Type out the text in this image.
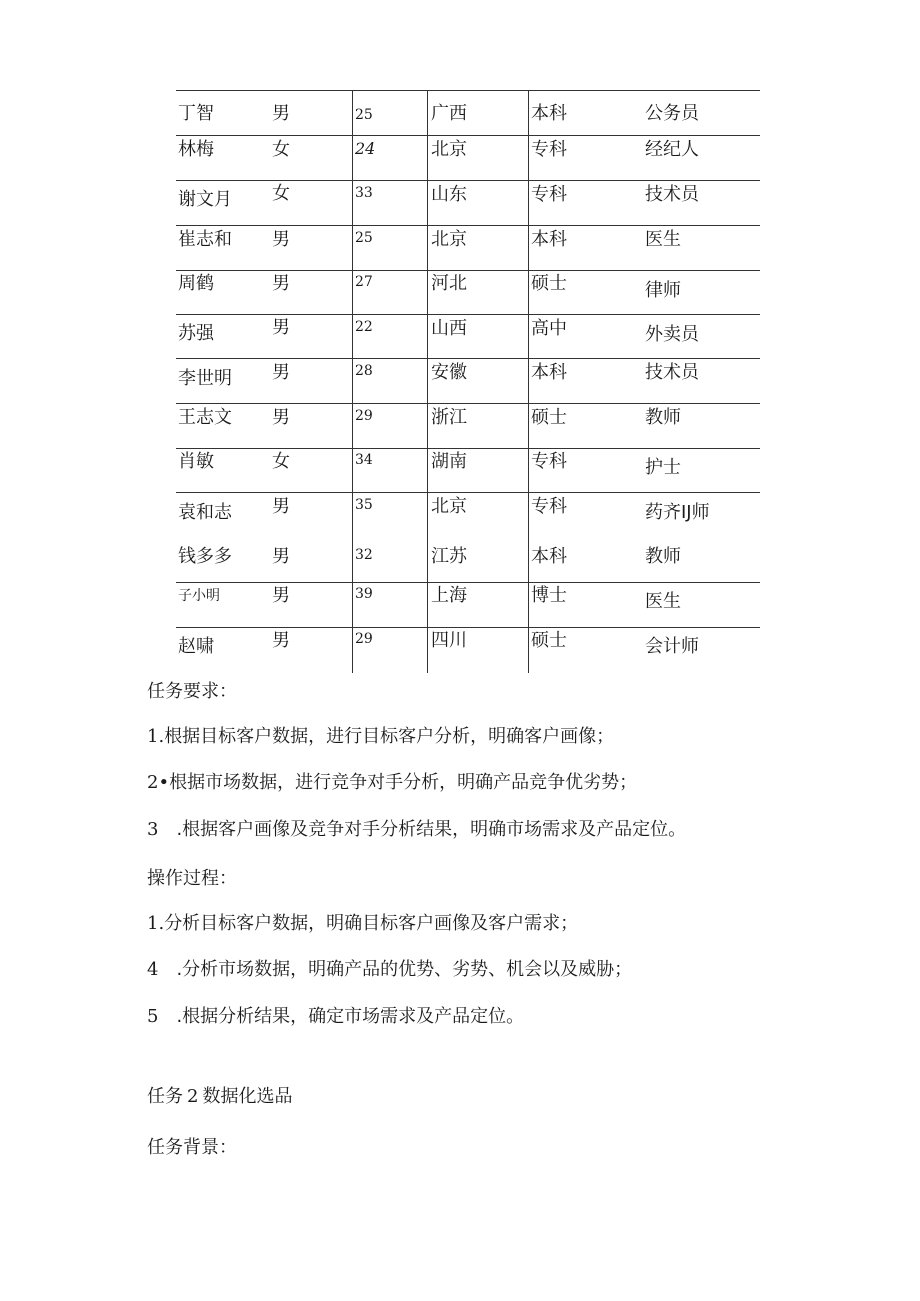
丁智	男	25	广西	本科	公务员
林梅	女	24	北京	专科	经纪人
谢文月 女	33	山东	专科	技术员
崔志和 男	25	北京	本科	医生
周鹤	男	27	河北	硕士	律师
苏强	男	22	山西	高中	外卖员
李世明 男	28	安徽	本科	技术员
王志文 男	29	浙江	硕士	教师
肖敏	女	34	湖南	专科	护士
袁和志 男	35	北京	专科	药齐IJ师
钱多多 男	32	江苏	本科	教师
子小明	男	39	上海	博士	医生
赵啸	男	29	四川	硕士	会计师
任务要求：
1.根据目标客户数据，进行目标客户分析，明确客户画像；
2•根据市场数据，进行竞争对手分析，明确产品竞争优劣势；
3 .根据客户画像及竞争对手分析结果，明确市场需求及产品定位。
操作过程：
1.分析目标客户数据，明确目标客户画像及客户需求；
4 .分析市场数据，明确产品的优势、劣势、机会以及威胁；
5 .根据分析结果，确定市场需求及产品定位。
任务 2 数据化选品
任务背景：
